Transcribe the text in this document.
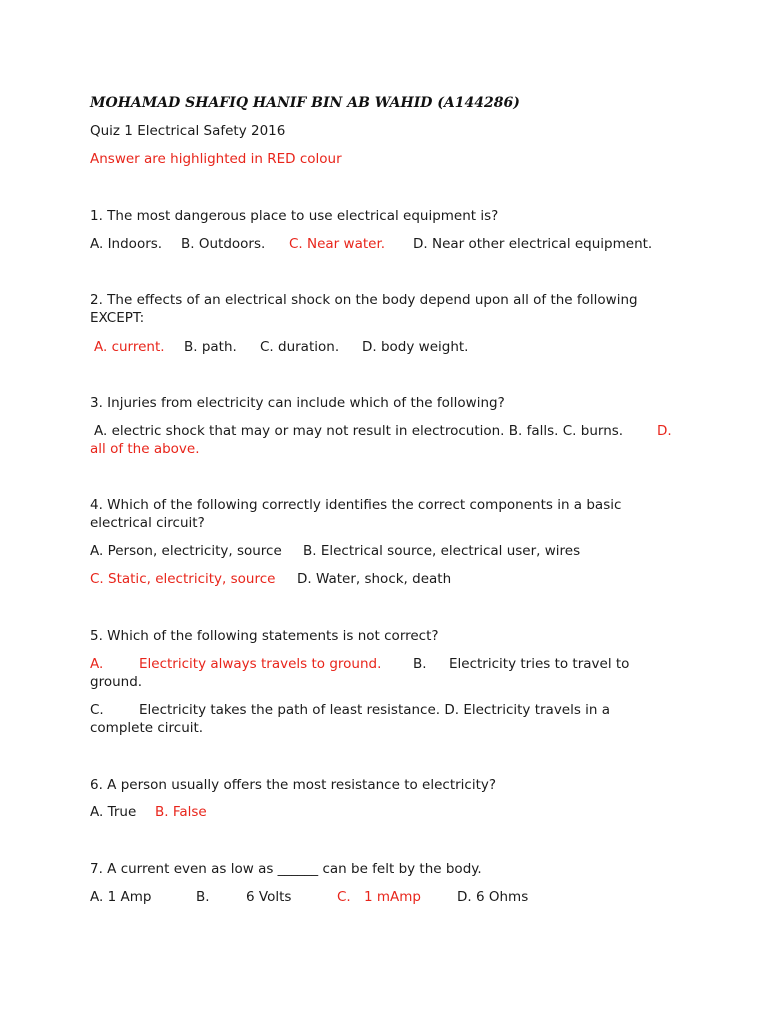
MOHAMAD SHAFIQ HANIF BIN AB WAHID (A144286)
Quiz 1 Electrical Safety 2016
Answer are highlighted in RED colour
1. The most dangerous place to use electrical equipment is?
A. Indoors. B. Outdoors. C. Near water. D. Near other electrical equipment.
2. The effects of an electrical shock on the body depend upon all of the following
EXCEPT:
A. current. B. path. C. duration. D. body weight.
3. Injuries from electricity can include which of the following?
A. electric shock that may or may not result in electrocution. B. falls. C. burns.	D.
all of the above.
4. Which of the following correctly identifies the correct components in a basic
electrical circuit?
A. Person, electricity, source B. Electrical source, electrical user, wires
C. Static, electricity, source D. Water, shock, death
5. Which of the following statements is not correct?
A.	Electricity always travels to ground. B. Electricity tries to travel to
ground.
C.	Electricity takes the path of least resistance. D. Electricity travels in a
complete circuit.
6. A person usually offers the most resistance to electricity?
A. True B. False
7. A current even as low as ______ can be felt by the body.
A. 1 Amp	B.	6 Volts	C. 1 mAmp	D. 6 Ohms
